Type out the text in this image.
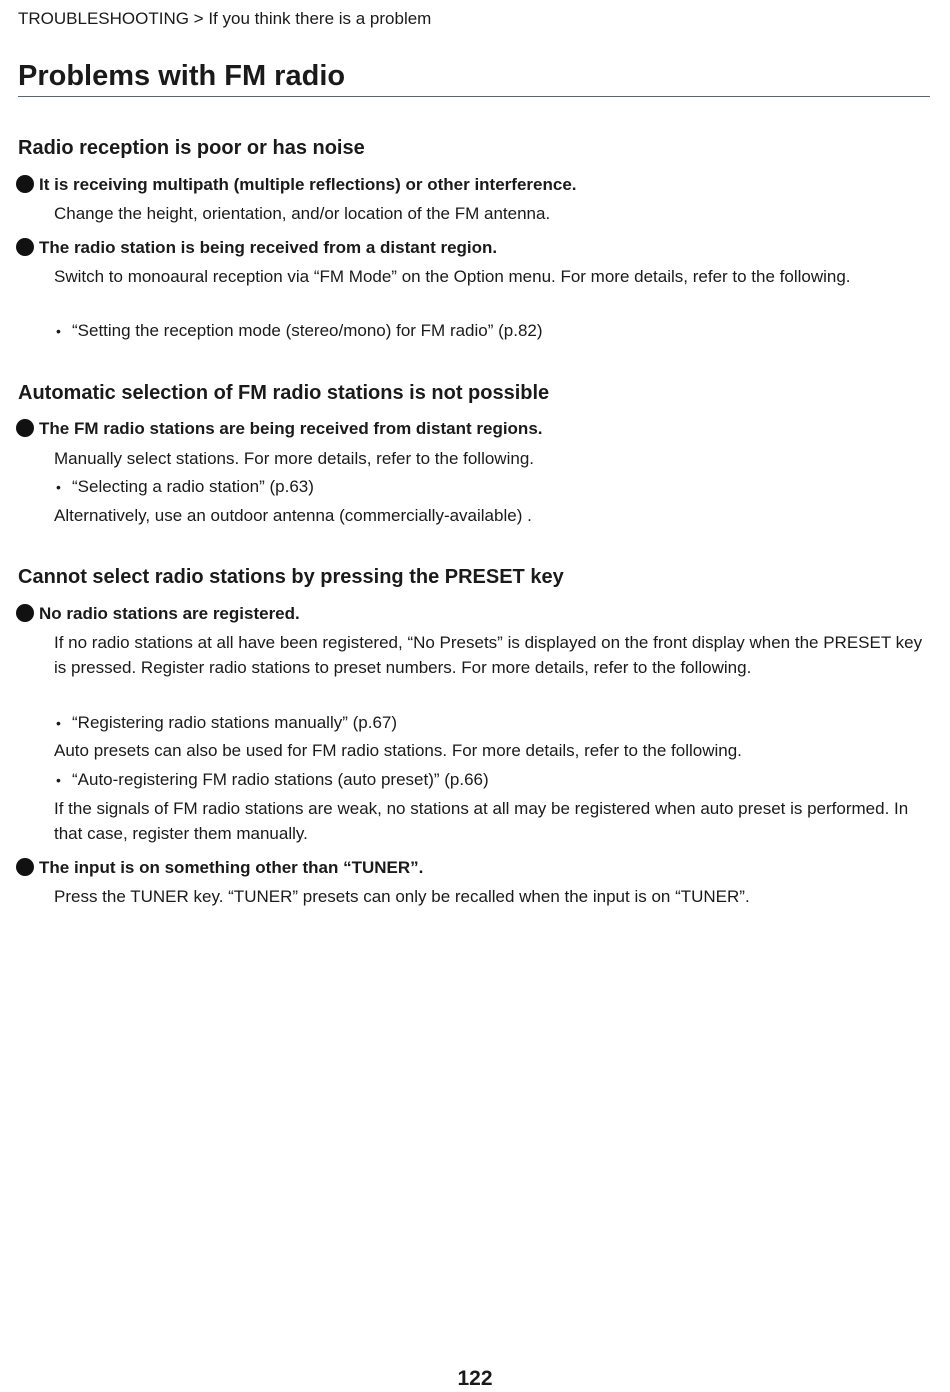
TROUBLESHOOTING > If you think there is a problem
Problems with FM radio
Radio reception is poor or has noise
It is receiving multipath (multiple reflections) or other interference.
Change the height, orientation, and/or location of the FM antenna.
The radio station is being received from a distant region.
Switch to monoaural reception via “FM Mode” on the Option menu. For more details, refer to the following.
• “Setting the reception mode (stereo/mono) for FM radio” (p.82)
Automatic selection of FM radio stations is not possible
The FM radio stations are being received from distant regions.
Manually select stations. For more details, refer to the following.
• “Selecting a radio station” (p.63)
Alternatively, use an outdoor antenna (commercially-available) .
Cannot select radio stations by pressing the PRESET key
No radio stations are registered.
If no radio stations at all have been registered, “No Presets” is displayed on the front display when the PRESET key is pressed. Register radio stations to preset numbers. For more details, refer to the following.
• “Registering radio stations manually” (p.67)
Auto presets can also be used for FM radio stations. For more details, refer to the following.
• “Auto-registering FM radio stations (auto preset)” (p.66)
If the signals of FM radio stations are weak, no stations at all may be registered when auto preset is performed. In that case, register them manually.
The input is on something other than “TUNER”.
Press the TUNER key. “TUNER” presets can only be recalled when the input is on “TUNER”.
122
